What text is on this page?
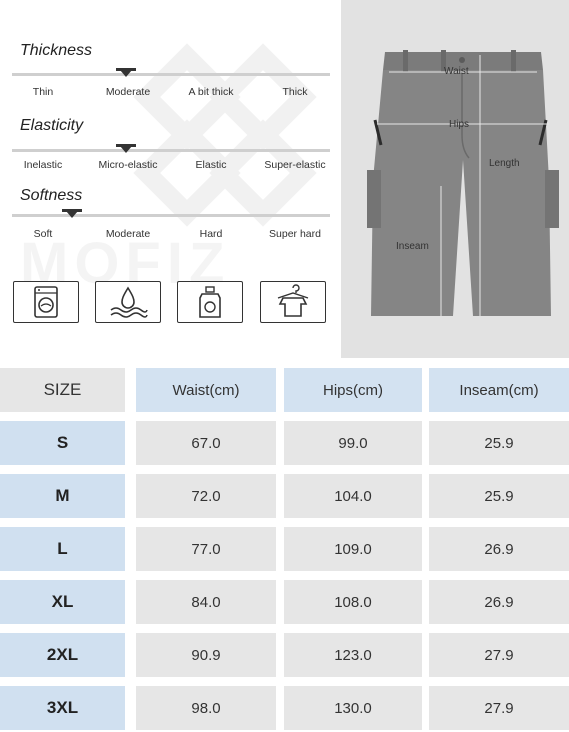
Thickness
Thin	Moderate	A bit thick	Thick
Elasticity
Inelastic	Micro-elastic	Elastic	Super-elastic
Softness
Soft	Moderate	Hard	Super hard
Waist
Hips
Length
Inseam
SIZE	Waist(cm)	Hips(cm)	Inseam(cm)
S	67.0	99.0	25.9
M	72.0	104.0	25.9
L	77.0	109.0	26.9
XL	84.0	108.0	26.9
2XL	90.9	123.0	27.9
3XL	98.0	130.0	27.9
